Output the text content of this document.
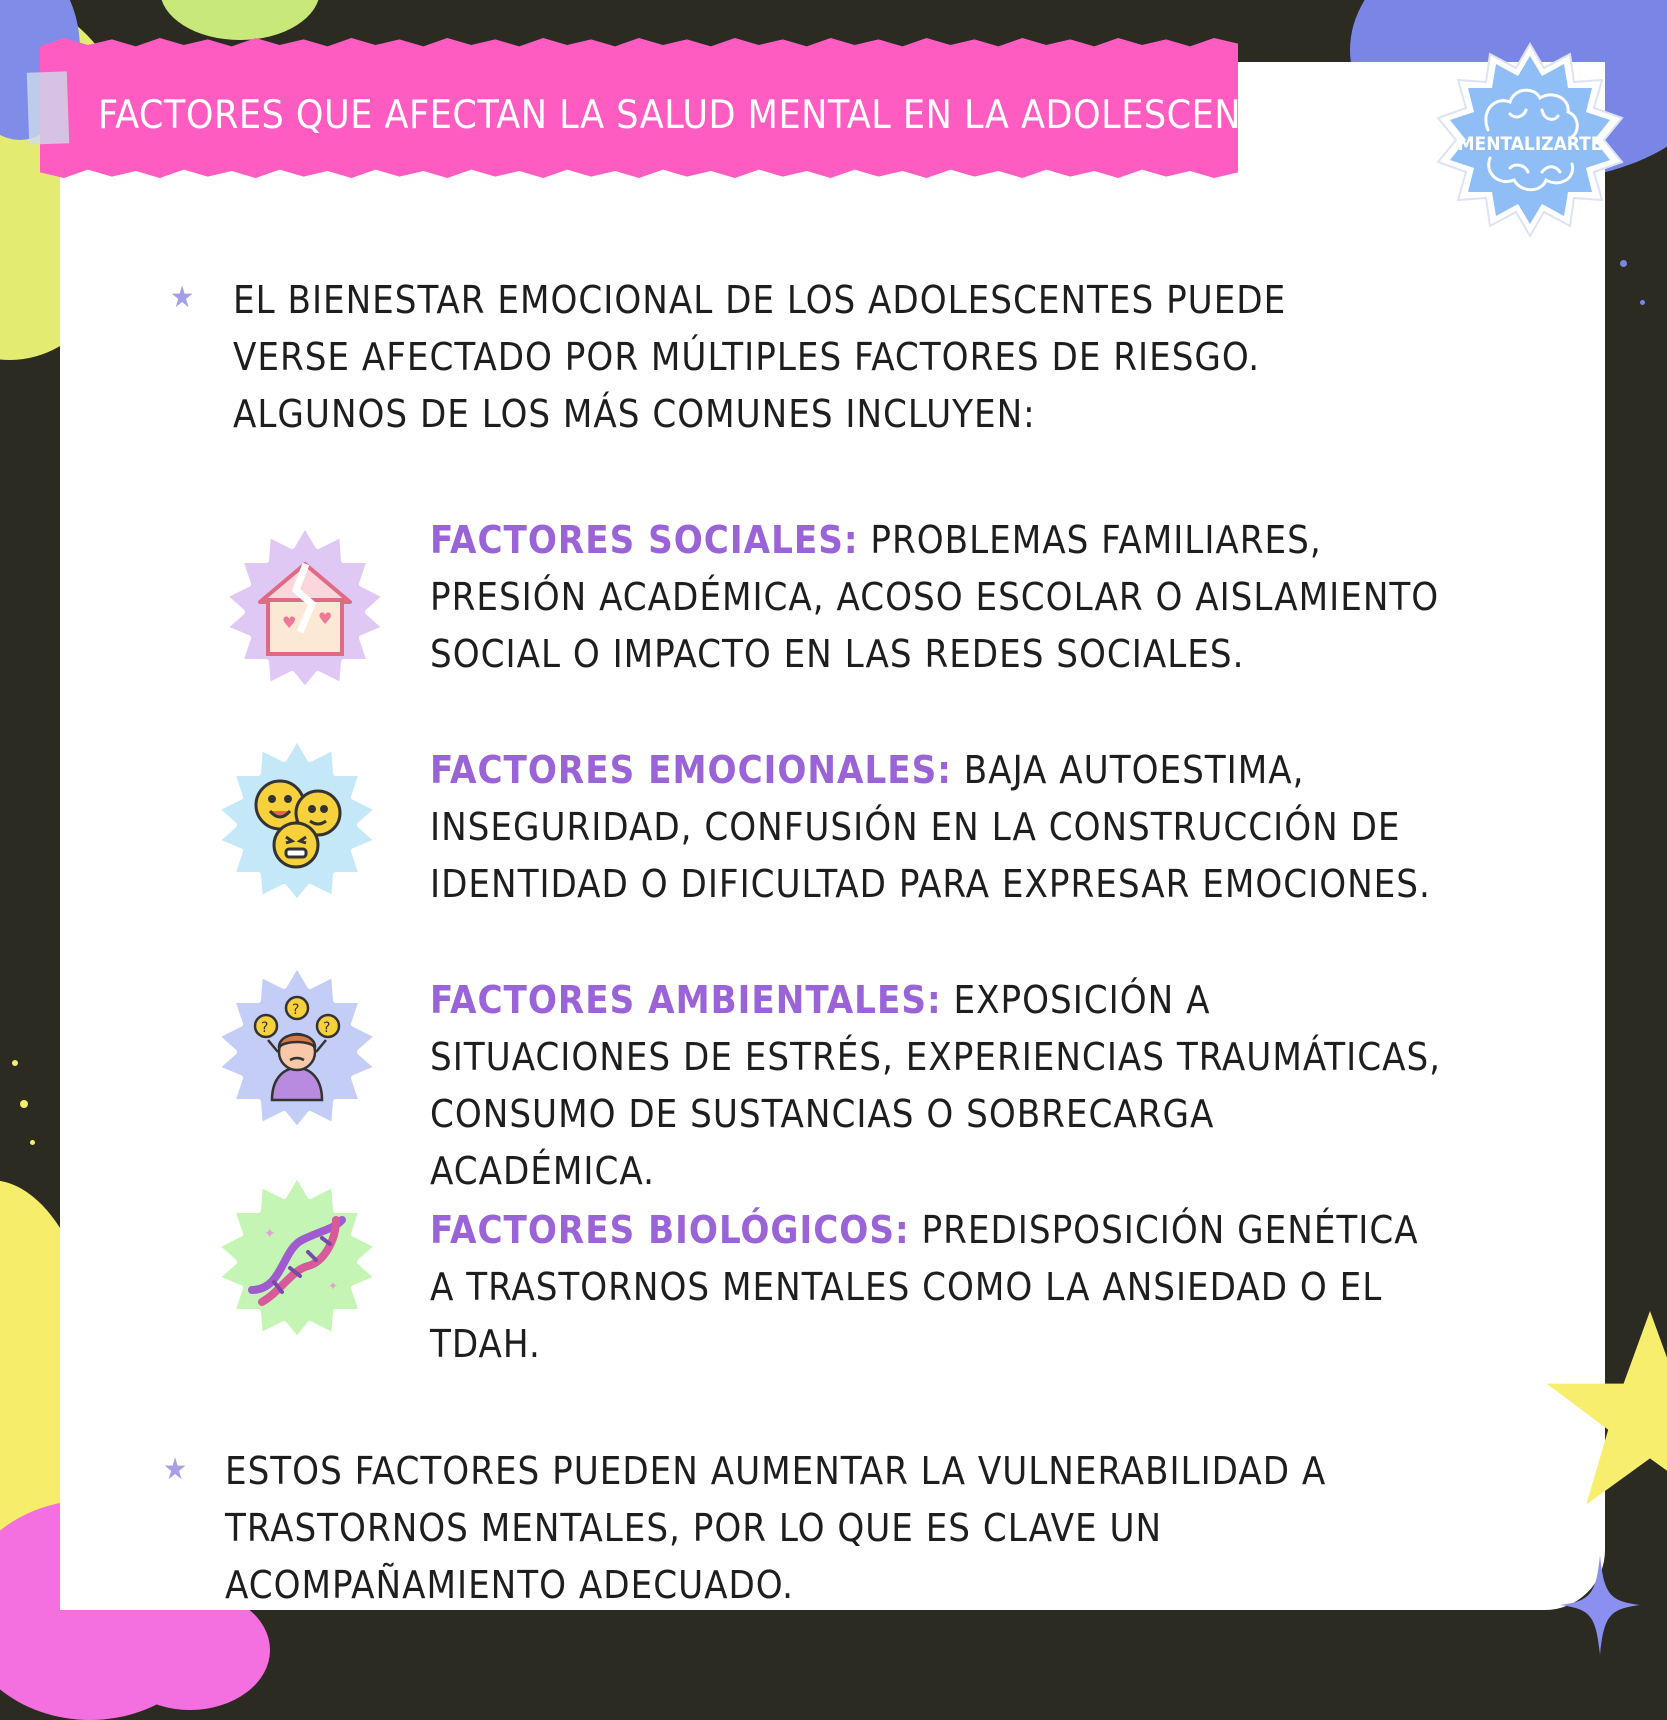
FACTORES QUE AFECTAN LA SALUD MENTAL EN LA ADOLESCENCIA
MENTALIZARTE
★ EL BIENESTAR EMOCIONAL DE LOS ADOLESCENTES PUEDE VERSE AFECTADO POR MÚLTIPLES FACTORES DE RIESGO. ALGUNOS DE LOS MÁS COMUNES INCLUYEN:
♥ ♥
FACTORES SOCIALES: PROBLEMAS FAMILIARES, PRESIÓN ACADÉMICA, ACOSO ESCOLAR O AISLAMIENTO SOCIAL O IMPACTO EN LAS REDES SOCIALES.
FACTORES EMOCIONALES: BAJA AUTOESTIMA, INSEGURIDAD, CONFUSIÓN EN LA CONSTRUCCIÓN DE IDENTIDAD O DIFICULTAD PARA EXPRESAR EMOCIONES.
?
?	?
FACTORES AMBIENTALES: EXPOSICIÓN A SITUACIONES DE ESTRÉS, EXPERIENCIAS TRAUMÁTICAS, CONSUMO DE SUSTANCIAS O SOBRECARGA ACADÉMICA.
✦
✦
FACTORES BIOLÓGICOS: PREDISPOSICIÓN GENÉTICA A TRASTORNOS MENTALES COMO LA ANSIEDAD O EL TDAH.
★ ESTOS FACTORES PUEDEN AUMENTAR LA VULNERABILIDAD A TRASTORNOS MENTALES, POR LO QUE ES CLAVE UN ACOMPAÑAMIENTO ADECUADO.
